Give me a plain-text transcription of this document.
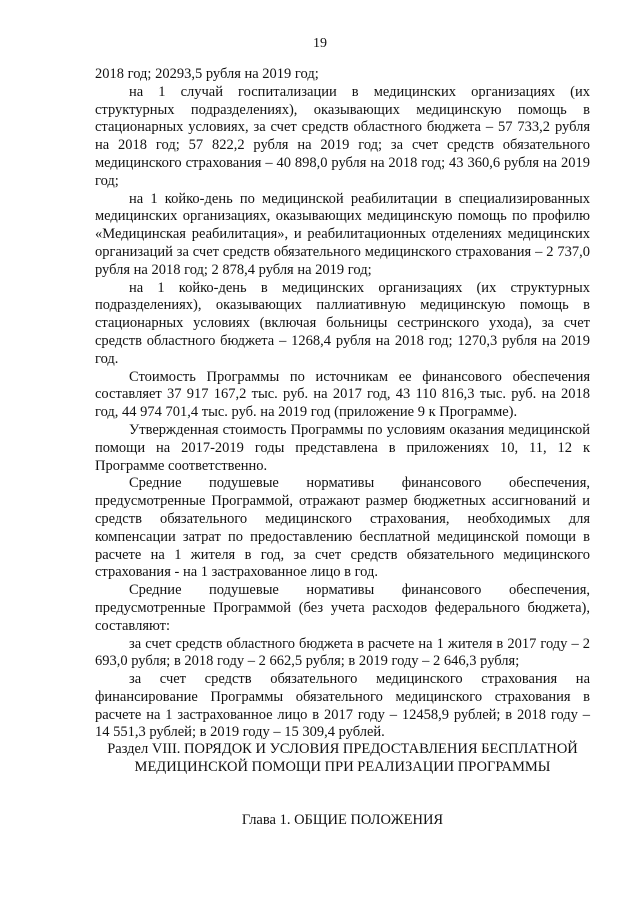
19

2018 год; 20293,5 рубля на 2019 год;

на 1 случай госпитализации в медицинских организациях (их структурных подразделениях), оказывающих медицинскую помощь в стационарных условиях, за счет средств областного бюджета – 57 733,2 рубля на 2018 год; 57 822,2 рубля на 2019 год; за счет средств обязательного медицинского страхования – 40 898,0 рубля на 2018 год; 43 360,6 рубля на 2019 год;

на 1 койко-день по медицинской реабилитации в специализированных медицинских организациях, оказывающих медицинскую помощь по профилю «Медицинская реабилитация», и реабилитационных отделениях медицинских организаций за счет средств обязательного медицинского страхования – 2 737,0 рубля на 2018 год; 2 878,4 рубля на 2019 год;

на 1 койко-день в медицинских организациях (их структурных подразделениях), оказывающих паллиативную медицинскую помощь в стационарных условиях (включая больницы сестринского ухода), за счет средств областного бюджета – 1268,4 рубля на 2018 год; 1270,3 рубля на 2019 год.

Стоимость Программы по источникам ее финансового обеспечения составляет 37 917 167,2 тыс. руб. на 2017 год, 43 110 816,3 тыс. руб. на 2018 год, 44 974 701,4 тыс. руб. на 2019 год (приложение 9 к Программе).

Утвержденная стоимость Программы по условиям оказания медицинской помощи на 2017-2019 годы представлена в приложениях 10, 11, 12 к Программе соответственно.

Средние подушевые нормативы финансового обеспечения, предусмотренные Программой, отражают размер бюджетных ассигнований и средств обязательного медицинского страхования, необходимых для компенсации затрат по предоставлению бесплатной медицинской помощи в расчете на 1 жителя в год, за счет средств обязательного медицинского страхования - на 1 застрахованное лицо в год.

Средние подушевые нормативы финансового обеспечения, предусмотренные Программой (без учета расходов федерального бюджета), составляют:

за счет средств областного бюджета в расчете на 1 жителя в 2017 году – 2 693,0 рубля; в 2018 году – 2 662,5 рубля; в 2019 году – 2 646,3 рубля;

за счет средств обязательного медицинского страхования на финансирование Программы обязательного медицинского страхования в расчете на 1 застрахованное лицо в 2017 году – 12458,9 рублей; в 2018 году – 14 551,3 рублей; в 2019 году – 15 309,4 рублей.

Раздел VIII. ПОРЯДОК И УСЛОВИЯ ПРЕДОСТАВЛЕНИЯ БЕСПЛАТНОЙ МЕДИЦИНСКОЙ ПОМОЩИ ПРИ РЕАЛИЗАЦИИ ПРОГРАММЫ
Глава 1. ОБЩИЕ ПОЛОЖЕНИЯ
